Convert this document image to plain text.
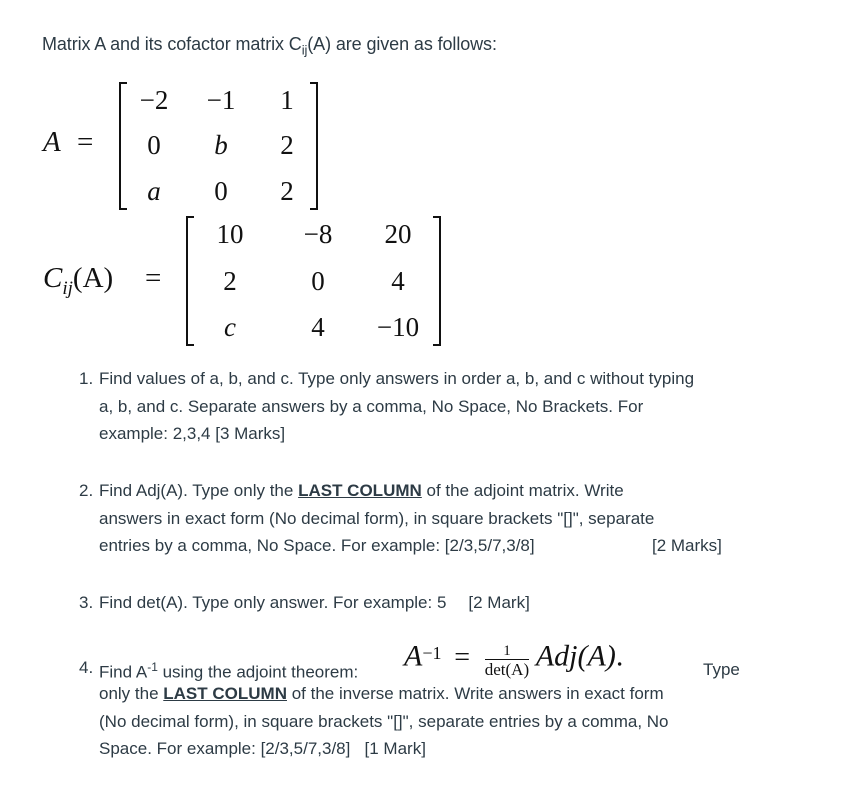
Matrix A and its cofactor matrix $C_{ij}(A)$ are given as follows:
A =
−2	−1	1
0	b	2
a	0	2
$C_{ij}(A)$ =
10	−8	20
2	0	4
c	4	−10
1. Find values of a, b, and c. Type only answers in order a, b, and c without typing
a, b, and c. Separate answers by a comma, No Space, No Brackets. For
example: 2,3,4 [3 Marks]
2. Find Adj(A). Type only the LAST COLUMN of the adjoint matrix. Write
answers in exact form (No decimal form), in square brackets "[]", separate
entries by a comma, No Space. For example: [2/3,5/7,3/8]	[2 Marks]
3. Find det(A). Type only answer. For example: 5 [2 Mark]
4. Find $A^{-1}$ using the adjoint theorem: $A^{-1} = \frac{1}{\det(A)} Adj(A)$.	Type
only the LAST COLUMN of the inverse matrix. Write answers in exact form
(No decimal form), in square brackets "[]", separate entries by a comma, No
Space. For example: [2/3,5/7,3/8]   [1 Mark]
